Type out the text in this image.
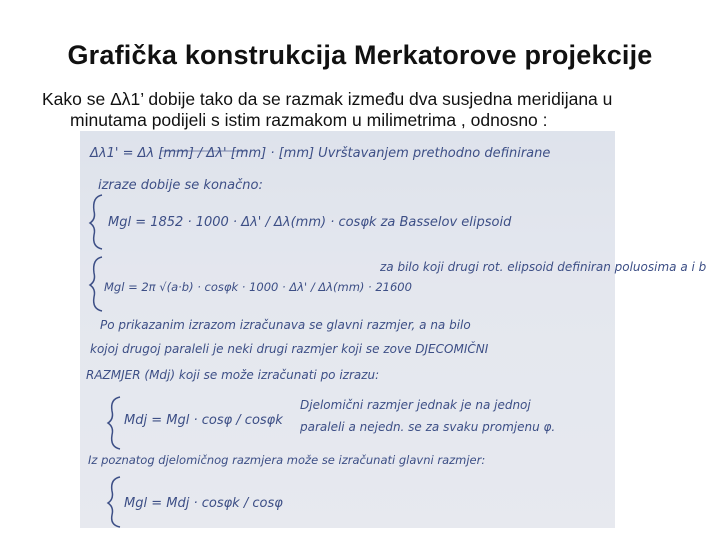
Grafička konstrukcija Merkatorove projekcije
Kako se Δλ1’ dobije tako da se razmak između dva susjedna meridijana u
minutama podijeli s istim razmakom u milimetrima , odnosno :
Δλ1' = Δλ [mm] / Δλ' [mm] · [mm] Uvrštavanjem prethodno definirane
izraze dobije se konačno:
Mgl = 1852 · 1000 · Δλ' / Δλ(mm) · cosφk za Basselov elipsoid
za bilo koji drugi rot. elipsoid definiran poluosima a i b
Mgl = 2π √(a·b) · cosφk · 1000 · Δλ' / Δλ(mm) · 21600
Po prikazanim izrazom izračunava se glavni razmjer, a na bilo
kojoj drugoj paraleli je neki drugi razmjer koji se zove DJECOMIČNI
RAZMJER (Mdj) koji se može izračunati po izrazu:
Mdj = Mgl · cosφ / cosφk
Djelomični razmjer jednak je na jednoj
paraleli a nejedn. se za svaku promjenu φ.
Iz poznatog djelomičnog razmjera može se izračunati glavni razmjer:
Mgl = Mdj · cosφk / cosφ
